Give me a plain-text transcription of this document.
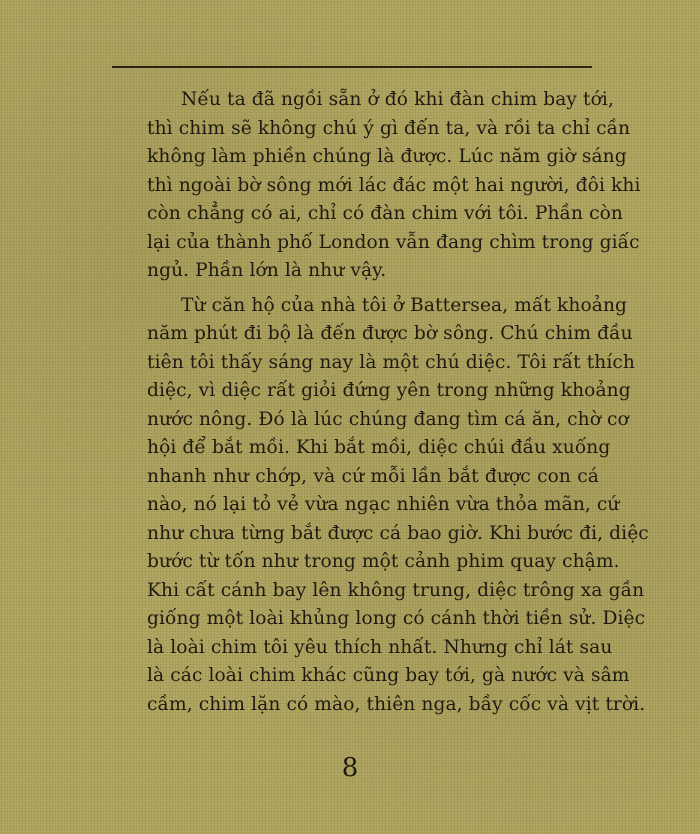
Nếu ta đã ngồi sẵn ở đó khi đàn chim bay tới,
thì chim sẽ không chú ý gì đến ta, và rồi ta chỉ cần
không làm phiền chúng là được. Lúc năm giờ sáng
thì ngoài bờ sông mới lác đác một hai người, đôi khi
còn chẳng có ai, chỉ có đàn chim với tôi. Phần còn
lại của thành phố London vẫn đang chìm trong giấc
ngủ. Phần lớn là như vậy.
Từ căn hộ của nhà tôi ở Battersea, mất khoảng
năm phút đi bộ là đến được bờ sông. Chú chim đầu
tiên tôi thấy sáng nay là một chú diệc. Tôi rất thích
diệc, vì diệc rất giỏi đứng yên trong những khoảng
nước nông. Đó là lúc chúng đang tìm cá ăn, chờ cơ
hội để bắt mồi. Khi bắt mồi, diệc chúi đầu xuống
nhanh như chớp, và cứ mỗi lần bắt được con cá
nào, nó lại tỏ vẻ vừa ngạc nhiên vừa thỏa mãn, cứ
như chưa từng bắt được cá bao giờ. Khi bước đi, diệc
bước từ tốn như trong một cảnh phim quay chậm.
Khi cất cánh bay lên không trung, diệc trông xa gần
giống một loài khủng long có cánh thời tiền sử. Diệc
là loài chim tôi yêu thích nhất. Nhưng chỉ lát sau
là các loài chim khác cũng bay tới, gà nước và sâm
cầm, chim lặn có mào, thiên nga, bầy cốc và vịt trời.
8
